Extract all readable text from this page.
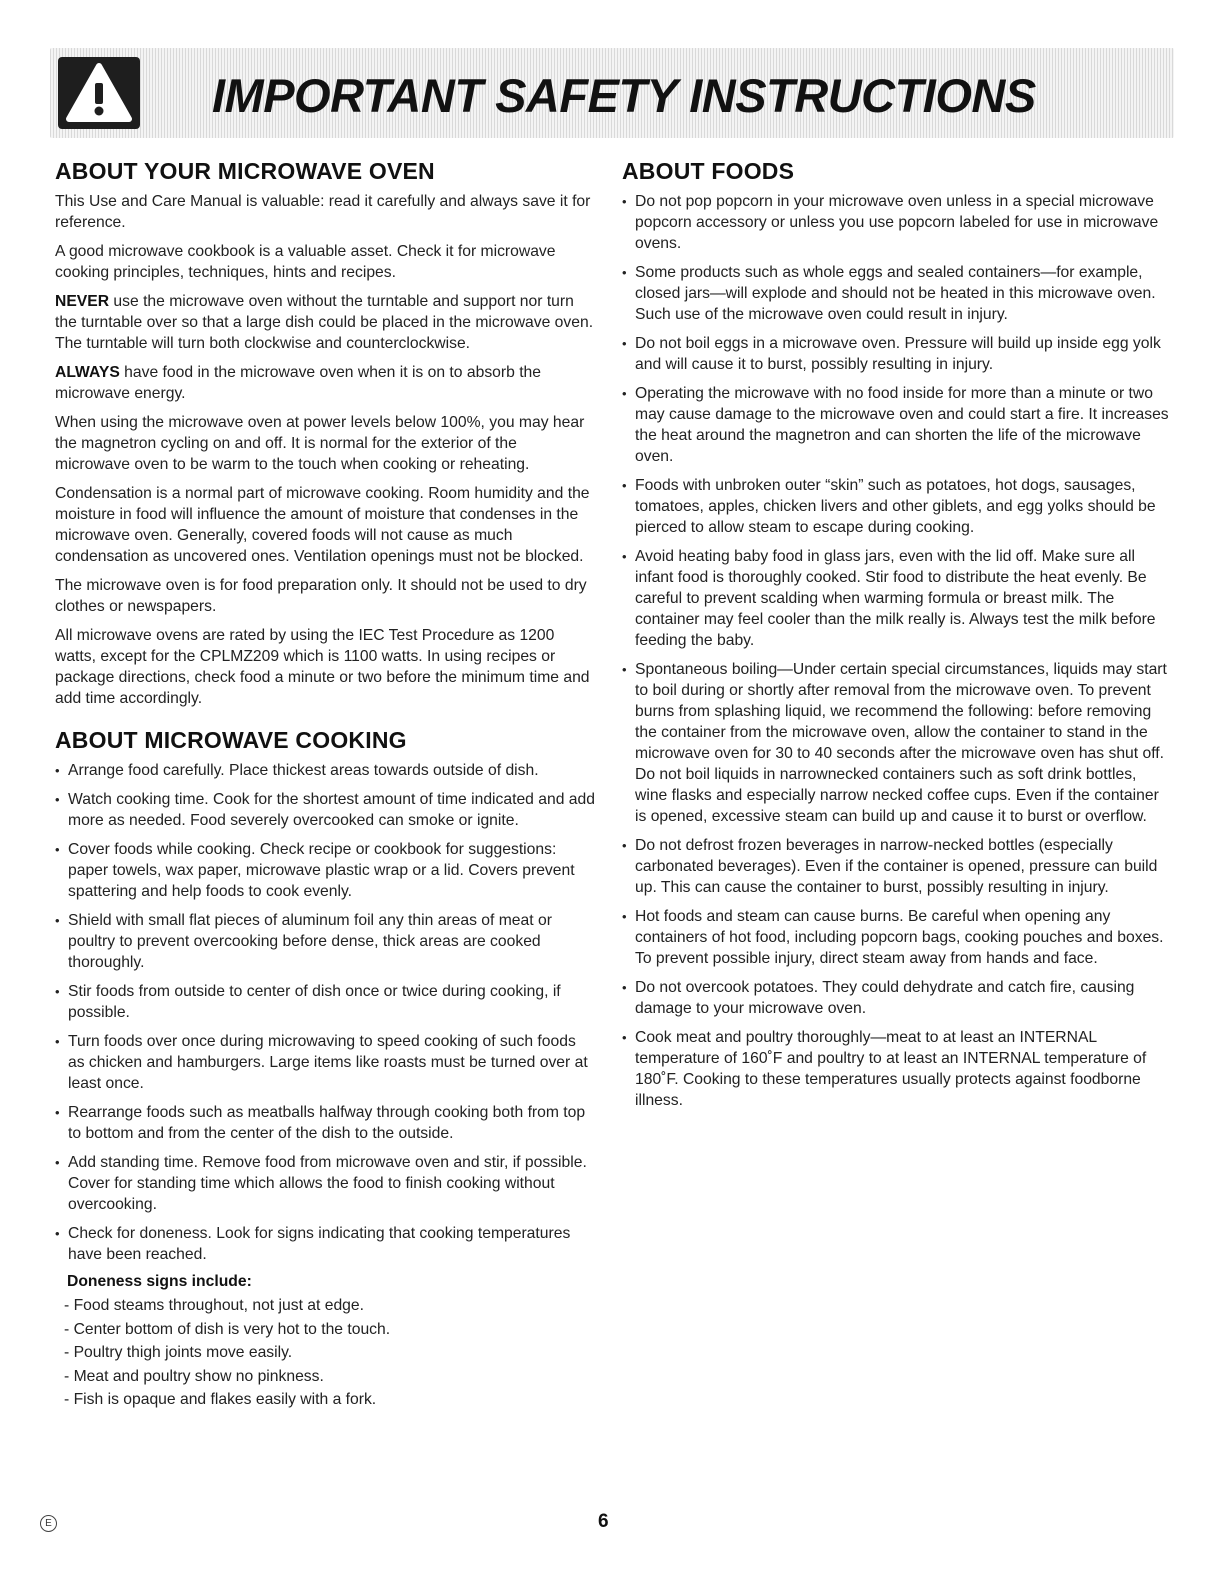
IMPORTANT SAFETY INSTRUCTIONS
ABOUT YOUR MICROWAVE OVEN

This Use and Care Manual is valuable: read it carefully and always save it for reference.

A good microwave cookbook is a valuable asset. Check it for microwave cooking principles, techniques, hints and recipes.

NEVER use the microwave oven without the turntable and support nor turn the turntable over so that a large dish could be placed in the microwave oven. The turntable will turn both clockwise and counterclockwise.

ALWAYS have food in the microwave oven when it is on to absorb the microwave energy.

When using the microwave oven at power levels below 100%, you may hear the magnetron cycling on and off. It is normal for the exterior of the microwave oven to be warm to the touch when cooking or reheating.

Condensation is a normal part of microwave cooking. Room humidity and the moisture in food will influence the amount of moisture that condenses in the microwave oven. Generally, covered foods will not cause as much condensation as uncovered ones. Ventilation openings must not be blocked.

The microwave oven is for food preparation only. It should not be used to dry clothes or newspapers.

All microwave ovens are rated by using the IEC Test Procedure as 1200 watts, except for the CPLMZ209 which is 1100 watts. In using recipes or package directions, check food a minute or two before the minimum time and add time accordingly.

ABOUT MICROWAVE COOKING
• Arrange food carefully. Place thickest areas towards outside of dish.
• Watch cooking time. Cook for the shortest amount of time indicated and add more as needed. Food severely overcooked can smoke or ignite.
• Cover foods while cooking. Check recipe or cookbook for suggestions: paper towels, wax paper, microwave plastic wrap or a lid. Covers prevent spattering and help foods to cook evenly.
• Shield with small flat pieces of aluminum foil any thin areas of meat or poultry to prevent overcooking before dense, thick areas are cooked thoroughly.
• Stir foods from outside to center of dish once or twice during cooking, if possible.
• Turn foods over once during microwaving to speed cooking of such foods as chicken and hamburgers. Large items like roasts must be turned over at least once.
• Rearrange foods such as meatballs halfway through cooking both from top to bottom and from the center of the dish to the outside.
• Add standing time. Remove food from microwave oven and stir, if possible. Cover for standing time which allows the food to finish cooking without overcooking.
• Check for doneness. Look for signs indicating that cooking temperatures have been reached.
Doneness signs include:
- Food steams throughout, not just at edge.
- Center bottom of dish is very hot to the touch.
- Poultry thigh joints move easily.
- Meat and poultry show no pinkness.
- Fish is opaque and flakes easily with a fork.
ABOUT FOODS
• Do not pop popcorn in your microwave oven unless in a special microwave popcorn accessory or unless you use popcorn labeled for use in microwave ovens.
• Some products such as whole eggs and sealed containers—for example, closed jars—will explode and should not be heated in this microwave oven. Such use of the microwave oven could result in injury.
• Do not boil eggs in a microwave oven. Pressure will build up inside egg yolk and will cause it to burst, possibly resulting in injury.
• Operating the microwave with no food inside for more than a minute or two may cause damage to the microwave oven and could start a fire. It increases the heat around the magnetron and can shorten the life of the microwave oven.
• Foods with unbroken outer “skin” such as potatoes, hot dogs, sausages, tomatoes, apples, chicken livers and other giblets, and egg yolks should be pierced to allow steam to escape during cooking.
• Avoid heating baby food in glass jars, even with the lid off. Make sure all infant food is thoroughly cooked. Stir food to distribute the heat evenly. Be careful to prevent scalding when warming formula or breast milk. The container may feel cooler than the milk really is. Always test the milk before feeding the baby.
• Spontaneous boiling—Under certain special circumstances, liquids may start to boil during or shortly after removal from the microwave oven. To prevent burns from splashing liquid, we recommend the following: before removing the container from the microwave oven, allow the container to stand in the microwave oven for 30 to 40 seconds after the microwave oven has shut off. Do not boil liquids in narrownecked containers such as soft drink bottles, wine flasks and especially narrow necked coffee cups. Even if the container is opened, excessive steam can build up and cause it to burst or overflow.
• Do not defrost frozen beverages in narrow-necked bottles (especially carbonated beverages). Even if the container is opened, pressure can build up. This can cause the container to burst, possibly resulting in injury.
• Hot foods and steam can cause burns. Be careful when opening any containers of hot food, including popcorn bags, cooking pouches and boxes. To prevent possible injury, direct steam away from hands and face.
• Do not overcook potatoes. They could dehydrate and catch fire, causing damage to your microwave oven.
• Cook meat and poultry thoroughly—meat to at least an INTERNAL temperature of 160˚F and poultry to at least an INTERNAL temperature of 180˚F. Cooking to these temperatures usually protects against foodborne illness.
E	6
